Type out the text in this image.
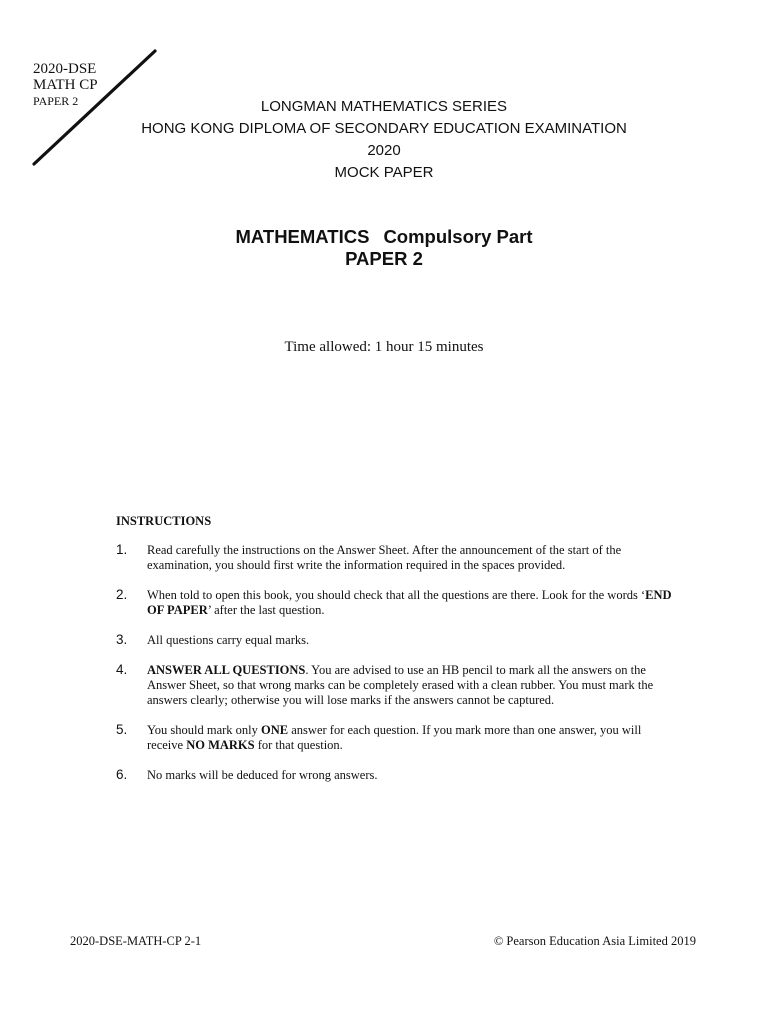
2020-DSE
MATH CP
PAPER 2	LONGMAN MATHEMATICS SERIES
HONG KONG DIPLOMA OF SECONDARY EDUCATION EXAMINATION
2020
MOCK PAPER
MATHEMATICS Compulsory Part
PAPER 2
Time allowed: 1 hour 15 minutes
INSTRUCTIONS
1. Read carefully the instructions on the Answer Sheet. After the announcement of the start of the examination, you should first write the information required in the spaces provided.
2. When told to open this book, you should check that all the questions are there. Look for the words ‘END OF PAPER’ after the last question.
3. All questions carry equal marks.
4. ANSWER ALL QUESTIONS. You are advised to use an HB pencil to mark all the answers on the Answer Sheet, so that wrong marks can be completely erased with a clean rubber. You must mark the answers clearly; otherwise you will lose marks if the answers cannot be captured.
5. You should mark only ONE answer for each question. If you mark more than one answer, you will receive NO MARKS for that question.
6. No marks will be deduced for wrong answers.
2020-DSE-MATH-CP 2-1	© Pearson Education Asia Limited 2019
